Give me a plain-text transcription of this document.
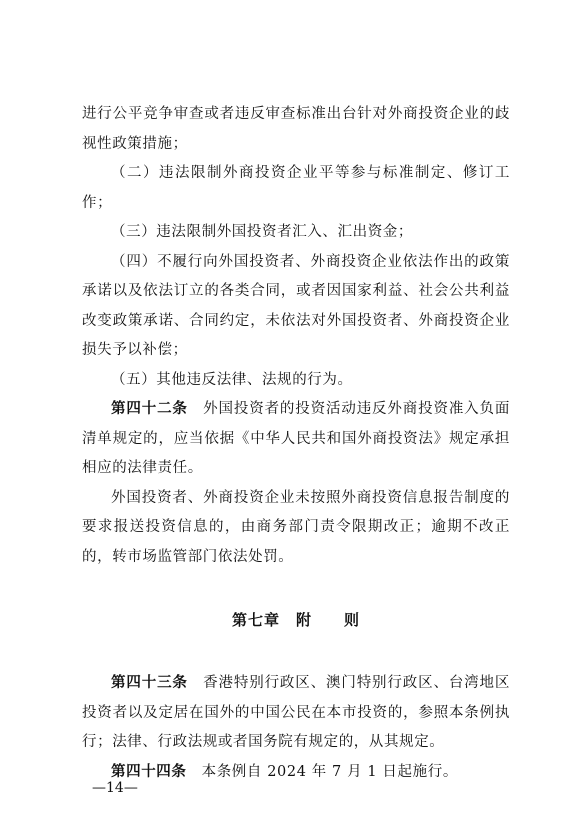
进行公平竞争审查或者违反审查标准出台针对外商投资企业的歧视性政策措施；

（二）违法限制外商投资企业平等参与标准制定、修订工作；

（三）违法限制外国投资者汇入、汇出资金；

（四）不履行向外国投资者、外商投资企业依法作出的政策承诺以及依法订立的各类合同，或者因国家利益、社会公共利益改变政策承诺、合同约定，未依法对外国投资者、外商投资企业损失予以补偿；

（五）其他违反法律、法规的行为。

第四十二条　 外国投资者的投资活动违反外商投资准入负面清单规定的，应当依据《中华人民共和国外商投资法》规定承担相应的法律责任。

外国投资者、外商投资企业未按照外商投资信息报告制度的要求报送投资信息的，由商务部门责令限期改正；逾期不改正的，转市场监管部门依法处罚。

第七章　附　　则

第四十三条　 香港特别行政区、澳门特别行政区、台湾地区投资者以及定居在国外的中国公民在本市投资的，参照本条例执行；法律、行政法规或者国务院有规定的，从其规定。

第四十四条　 本条例自 2024 年 7 月 1 日起施行。

—14—
